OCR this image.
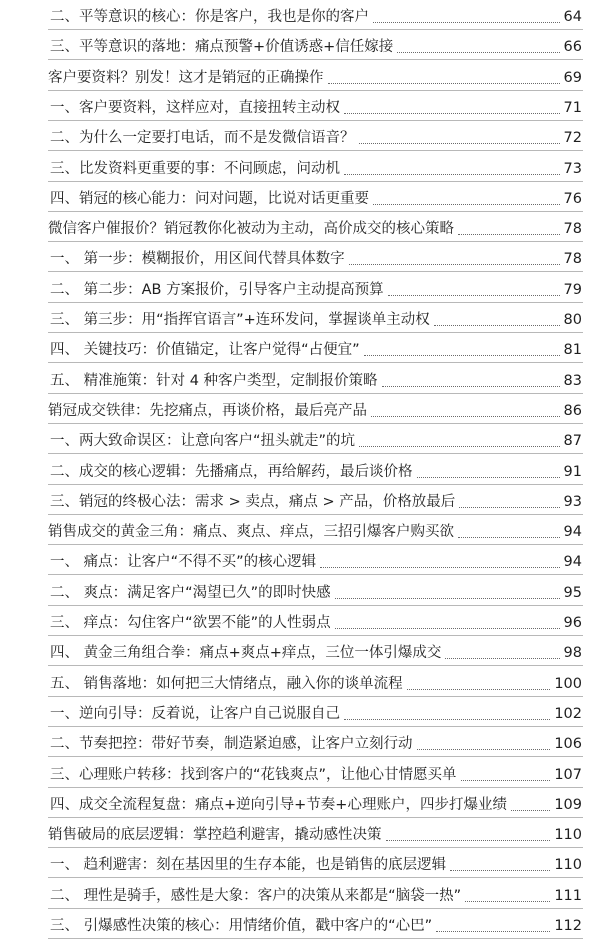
二、平等意识的核心：你是客户，我也是你的客户	64
三、平等意识的落地：痛点预警+价值诱惑+信任嫁接	66
客户要资料？别发！这才是销冠的正确操作	69
一、客户要资料，这样应对，直接扭转主动权	71
二、为什么一定要打电话，而不是发微信语音？	72
三、比发资料更重要的事：不问顾虑，问动机	73
四、销冠的核心能力：问对问题，比说对话更重要	76
微信客户催报价？销冠教你化被动为主动，高价成交的核心策略	78
一、 第一步：模糊报价，用区间代替具体数字	78
二、 第二步：AB 方案报价，引导客户主动提高预算	79
三、 第三步：用“指挥官语言”+连环发问，掌握谈单主动权	80
四、 关键技巧：价值锚定，让客户觉得“占便宜”	81
五、 精准施策：针对 4 种客户类型，定制报价策略	83
销冠成交铁律：先挖痛点，再谈价格，最后亮产品	86
一、两大致命误区：让意向客户“扭头就走”的坑	87
二、成交的核心逻辑：先播痛点，再给解药，最后谈价格	91
三、销冠的终极心法：需求 > 卖点，痛点 > 产品，价格放最后	93
销售成交的黄金三角：痛点、爽点、痒点，三招引爆客户购买欲	94
一、 痛点：让客户“不得不买”的核心逻辑	94
二、 爽点：满足客户“渴望已久”的即时快感	95
三、 痒点：勾住客户“欲罢不能”的人性弱点	96
四、 黄金三角组合拳：痛点+爽点+痒点，三位一体引爆成交	98
五、 销售落地：如何把三大情绪点，融入你的谈单流程	100
一、逆向引导：反着说，让客户自己说服自己	102
二、节奏把控：带好节奏，制造紧迫感，让客户立刻行动	106
三、心理账户转移：找到客户的“花钱爽点”，让他心甘情愿买单	107
四、成交全流程复盘：痛点+逆向引导+节奏+心理账户，四步打爆业绩	109
销售破局的底层逻辑：掌控趋利避害，撬动感性决策	110
一、 趋利避害：刻在基因里的生存本能，也是销售的底层逻辑	110
二、 理性是骑手，感性是大象：客户的决策从来都是“脑袋一热”	111
三、 引爆感性决策的核心：用情绪价值，戳中客户的“心巴”	112
